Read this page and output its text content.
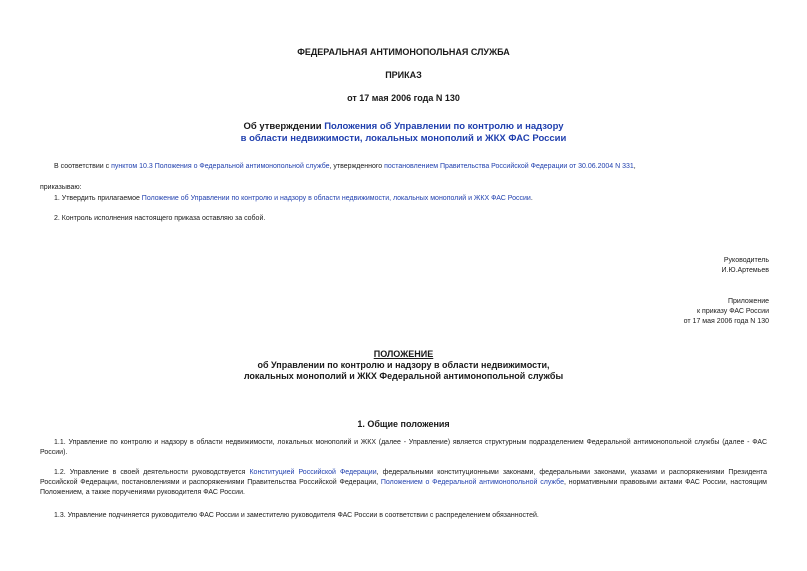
ФЕДЕРАЛЬНАЯ АНТИМОНОПОЛЬНАЯ СЛУЖБА
ПРИКАЗ
от 17 мая 2006 года N 130
Об утверждении Положения об Управлении по контролю и надзору
в области недвижимости, локальных монополий и ЖКХ ФАС России
В соответствии с пунктом 10.3 Положения о Федеральной антимонопольной службе, утвержденного постановлением Правительства Российской Федерации от 30.06.2004 N 331,
приказываю:
1. Утвердить прилагаемое Положение об Управлении по контролю и надзору в области недвижимости, локальных монополий и ЖКХ ФАС России.
2. Контроль исполнения настоящего приказа оставляю за собой.
Руководитель
И.Ю.Артемьев
Приложение
к приказу ФАС России
от 17 мая 2006 года N 130
ПОЛОЖЕНИЕ
об Управлении по контролю и надзору в области недвижимости,
локальных монополий и ЖКХ Федеральной антимонопольной службы
1. Общие положения
1.1. Управление по контролю и надзору в области недвижимости, локальных монополий и ЖКХ (далее - Управление) является структурным подразделением Федеральной антимонопольной службы (далее - ФАС России).
1.2. Управление в своей деятельности руководствуется Конституцией Российской Федерации, федеральными конституционными законами, федеральными законами, указами и распоряжениями Президента Российской Федерации, постановлениями и распоряжениями Правительства Российской Федерации, Положением о Федеральной антимонопольной службе, нормативными правовыми актами ФАС России, настоящим Положением, а также поручениями руководителя ФАС России.
1.3. Управление подчиняется руководителю ФАС России и заместителю руководителя ФАС России в соответствии с распределением обязанностей.
